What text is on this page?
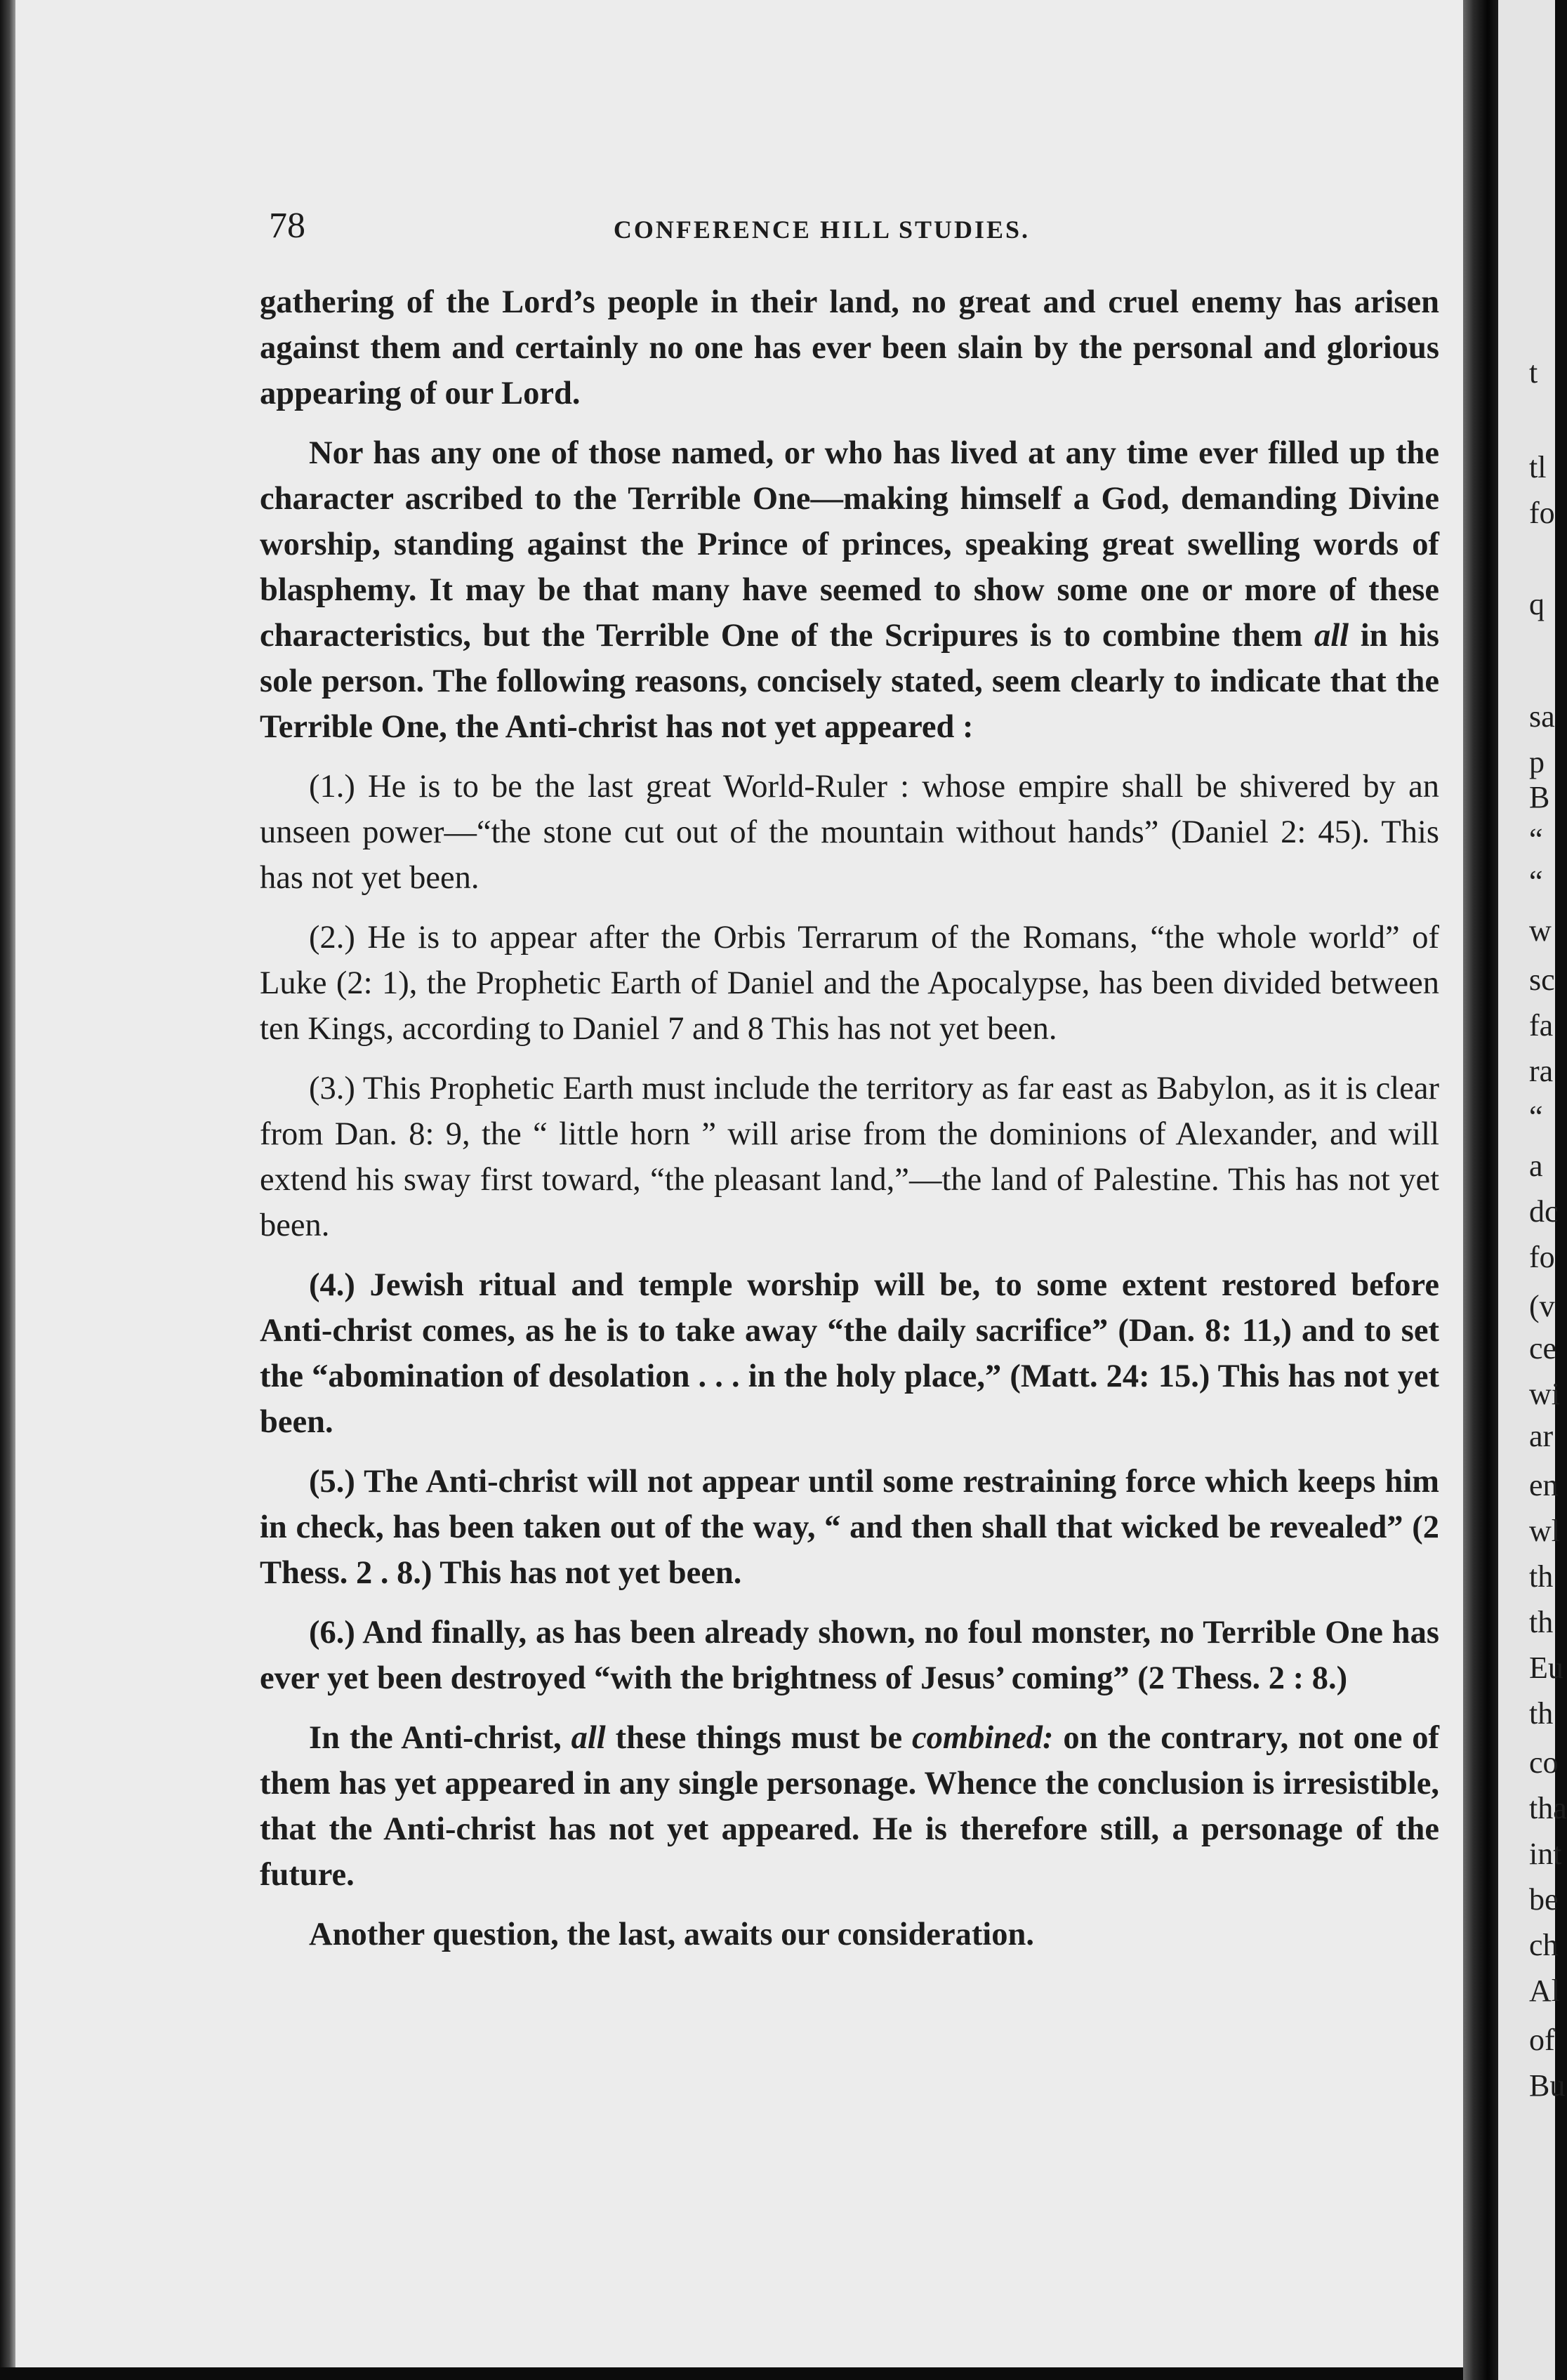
78	CONFERENCE HILL STUDIES.

gathering of the Lord’s people in their land, no great and cruel enemy has arisen against them and certainly no one has ever been slain by the personal and glorious appearing of our Lord.

Nor has any one of those named, or who has lived at any time ever filled up the character ascribed to the Terrible One—making himself a God, demanding Divine worship, standing against the Prince of princes, speaking great swelling words of blasphemy. It may be that many have seemed to show some one or more of these characteristics, but the Terrible One of the Scripures is to combine them all in his sole person. The following reasons, concisely stated, seem clearly to indicate that the Terrible One, the Anti-christ has not yet appeared :

(1.) He is to be the last great World-Ruler : whose empire shall be shivered by an unseen power—“the stone cut out of the mountain without hands” (Daniel 2: 45). This has not yet been.

(2.) He is to appear after the Orbis Terrarum of the Romans, “the whole world” of Luke (2: 1), the Prophetic Earth of Daniel and the Apocalypse, has been divided between ten Kings, according to Daniel 7 and 8 This has not yet been.

(3.) This Prophetic Earth must include the territory as far east as Babylon, as it is clear from Dan. 8: 9, the “ little horn ” will arise from the dominions of Alexander, and will extend his sway first toward, “the pleasant land,”—the land of Palestine. This has not yet been.

(4.) Jewish ritual and temple worship will be, to some extent restored before Anti-christ comes, as he is to take away “the daily sacrifice” (Dan. 8: 11,) and to set the “abomination of desolation . . . in the holy place,” (Matt. 24: 15.) This has not yet been.

(5.) The Anti-christ will not appear until some restraining force which keeps him in check, has been taken out of the way, “ and then shall that wicked be revealed” (2 Thess. 2 . 8.) This has not yet been.

(6.) And finally, as has been already shown, no foul monster, no Terrible One has ever yet been destroyed “with the brightness of Jesus’ coming” (2 Thess. 2 : 8.)

In the Anti-christ, all these things must be combined: on the contrary, not one of them has yet appeared in any single personage. Whence the conclusion is irresistible, that the Anti-christ has not yet appeared. He is therefore still, a personage of the future.

Another question, the last, awaits our consideration.

t
tl
fo
q
sa
p
B
“
“
w
sc
fa
ra
“
a
dc
fo
(v
ce
wi
ar
en
wl
th
th
Eu
th
co
tha
int
be
ch
Al
of
Bu
